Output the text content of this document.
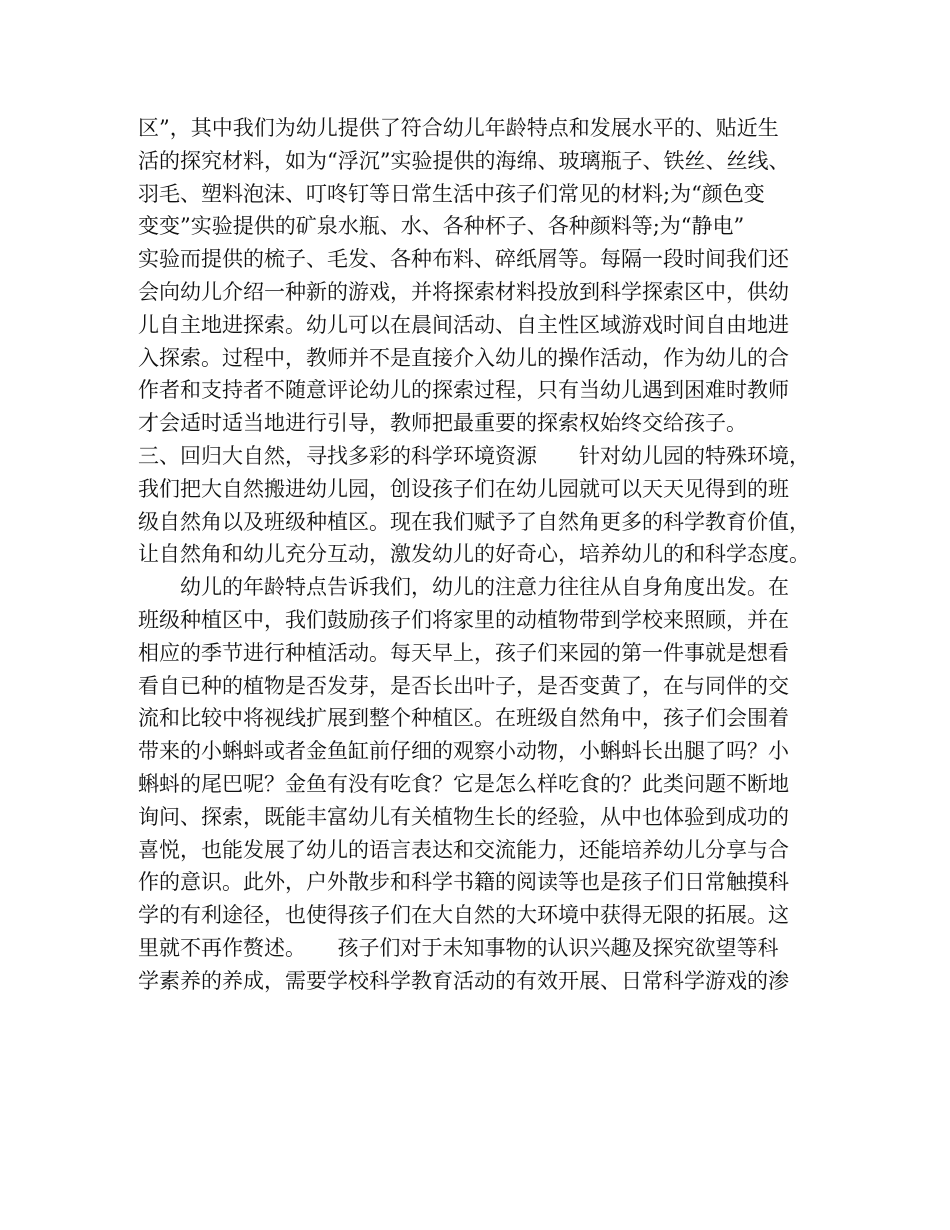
区”，其中我们为幼儿提供了符合幼儿年龄特点和发展水平的、贴近生
活的探究材料，如为“浮沉”实验提供的海绵、玻璃瓶子、铁丝、丝线、
羽毛、塑料泡沫、叮咚钉等日常生活中孩子们常见的材料;为“颜色变
变变”实验提供的矿泉水瓶、水、各种杯子、各种颜料等;为“静电”
实验而提供的梳子、毛发、各种布料、碎纸屑等。每隔一段时间我们还
会向幼儿介绍一种新的游戏，并将探索材料投放到科学探索区中，供幼
儿自主地进探索。幼儿可以在晨间活动、自主性区域游戏时间自由地进
入探索。过程中，教师并不是直接介入幼儿的操作活动，作为幼儿的合
作者和支持者不随意评论幼儿的探索过程，只有当幼儿遇到困难时教师
才会适时适当地进行引导，教师把最重要的探索权始终交给孩子。
三、回归大自然，寻找多彩的科学环境资源　　针对幼儿园的特殊环境，
我们把大自然搬进幼儿园，创设孩子们在幼儿园就可以天天见得到的班
级自然角以及班级种植区。现在我们赋予了自然角更多的科学教育价值，
让自然角和幼儿充分互动，激发幼儿的好奇心，培养幼儿的和科学态度。
　　幼儿的年龄特点告诉我们，幼儿的注意力往往从自身角度出发。在
班级种植区中，我们鼓励孩子们将家里的动植物带到学校来照顾，并在
相应的季节进行种植活动。每天早上，孩子们来园的第一件事就是想看
看自已种的植物是否发芽，是否长出叶子，是否变黄了，在与同伴的交
流和比较中将视线扩展到整个种植区。在班级自然角中，孩子们会围着
带来的小蝌蚪或者金鱼缸前仔细的观察小动物，小蝌蚪长出腿了吗？小
蝌蚪的尾巴呢？金鱼有没有吃食？它是怎么样吃食的？此类问题不断地
询问、探索，既能丰富幼儿有关植物生长的经验，从中也体验到成功的
喜悦，也能发展了幼儿的语言表达和交流能力，还能培养幼儿分享与合
作的意识。此外，户外散步和科学书籍的阅读等也是孩子们日常触摸科
学的有利途径，也使得孩子们在大自然的大环境中获得无限的拓展。这
里就不再作赘述。　　孩子们对于未知事物的认识兴趣及探究欲望等科
学素养的养成，需要学校科学教育活动的有效开展、日常科学游戏的渗
